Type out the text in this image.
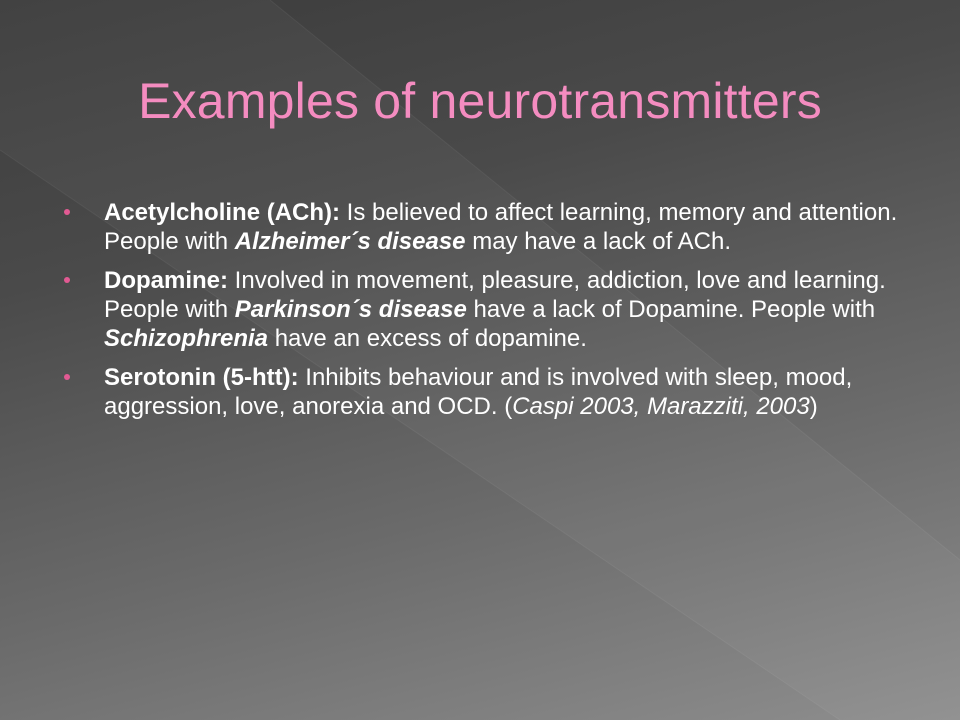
Examples of neurotransmitters
Acetylcholine (ACh): Is believed to affect learning, memory and attention. People with Alzheimer´s disease may have a lack of ACh.
Dopamine: Involved in movement, pleasure, addiction, love and learning. People with Parkinson´s disease have a lack of Dopamine. People with Schizophrenia have an excess of dopamine.
Serotonin (5-htt): Inhibits behaviour and is involved with sleep, mood, aggression, love, anorexia and OCD. (Caspi 2003, Marazziti, 2003)
